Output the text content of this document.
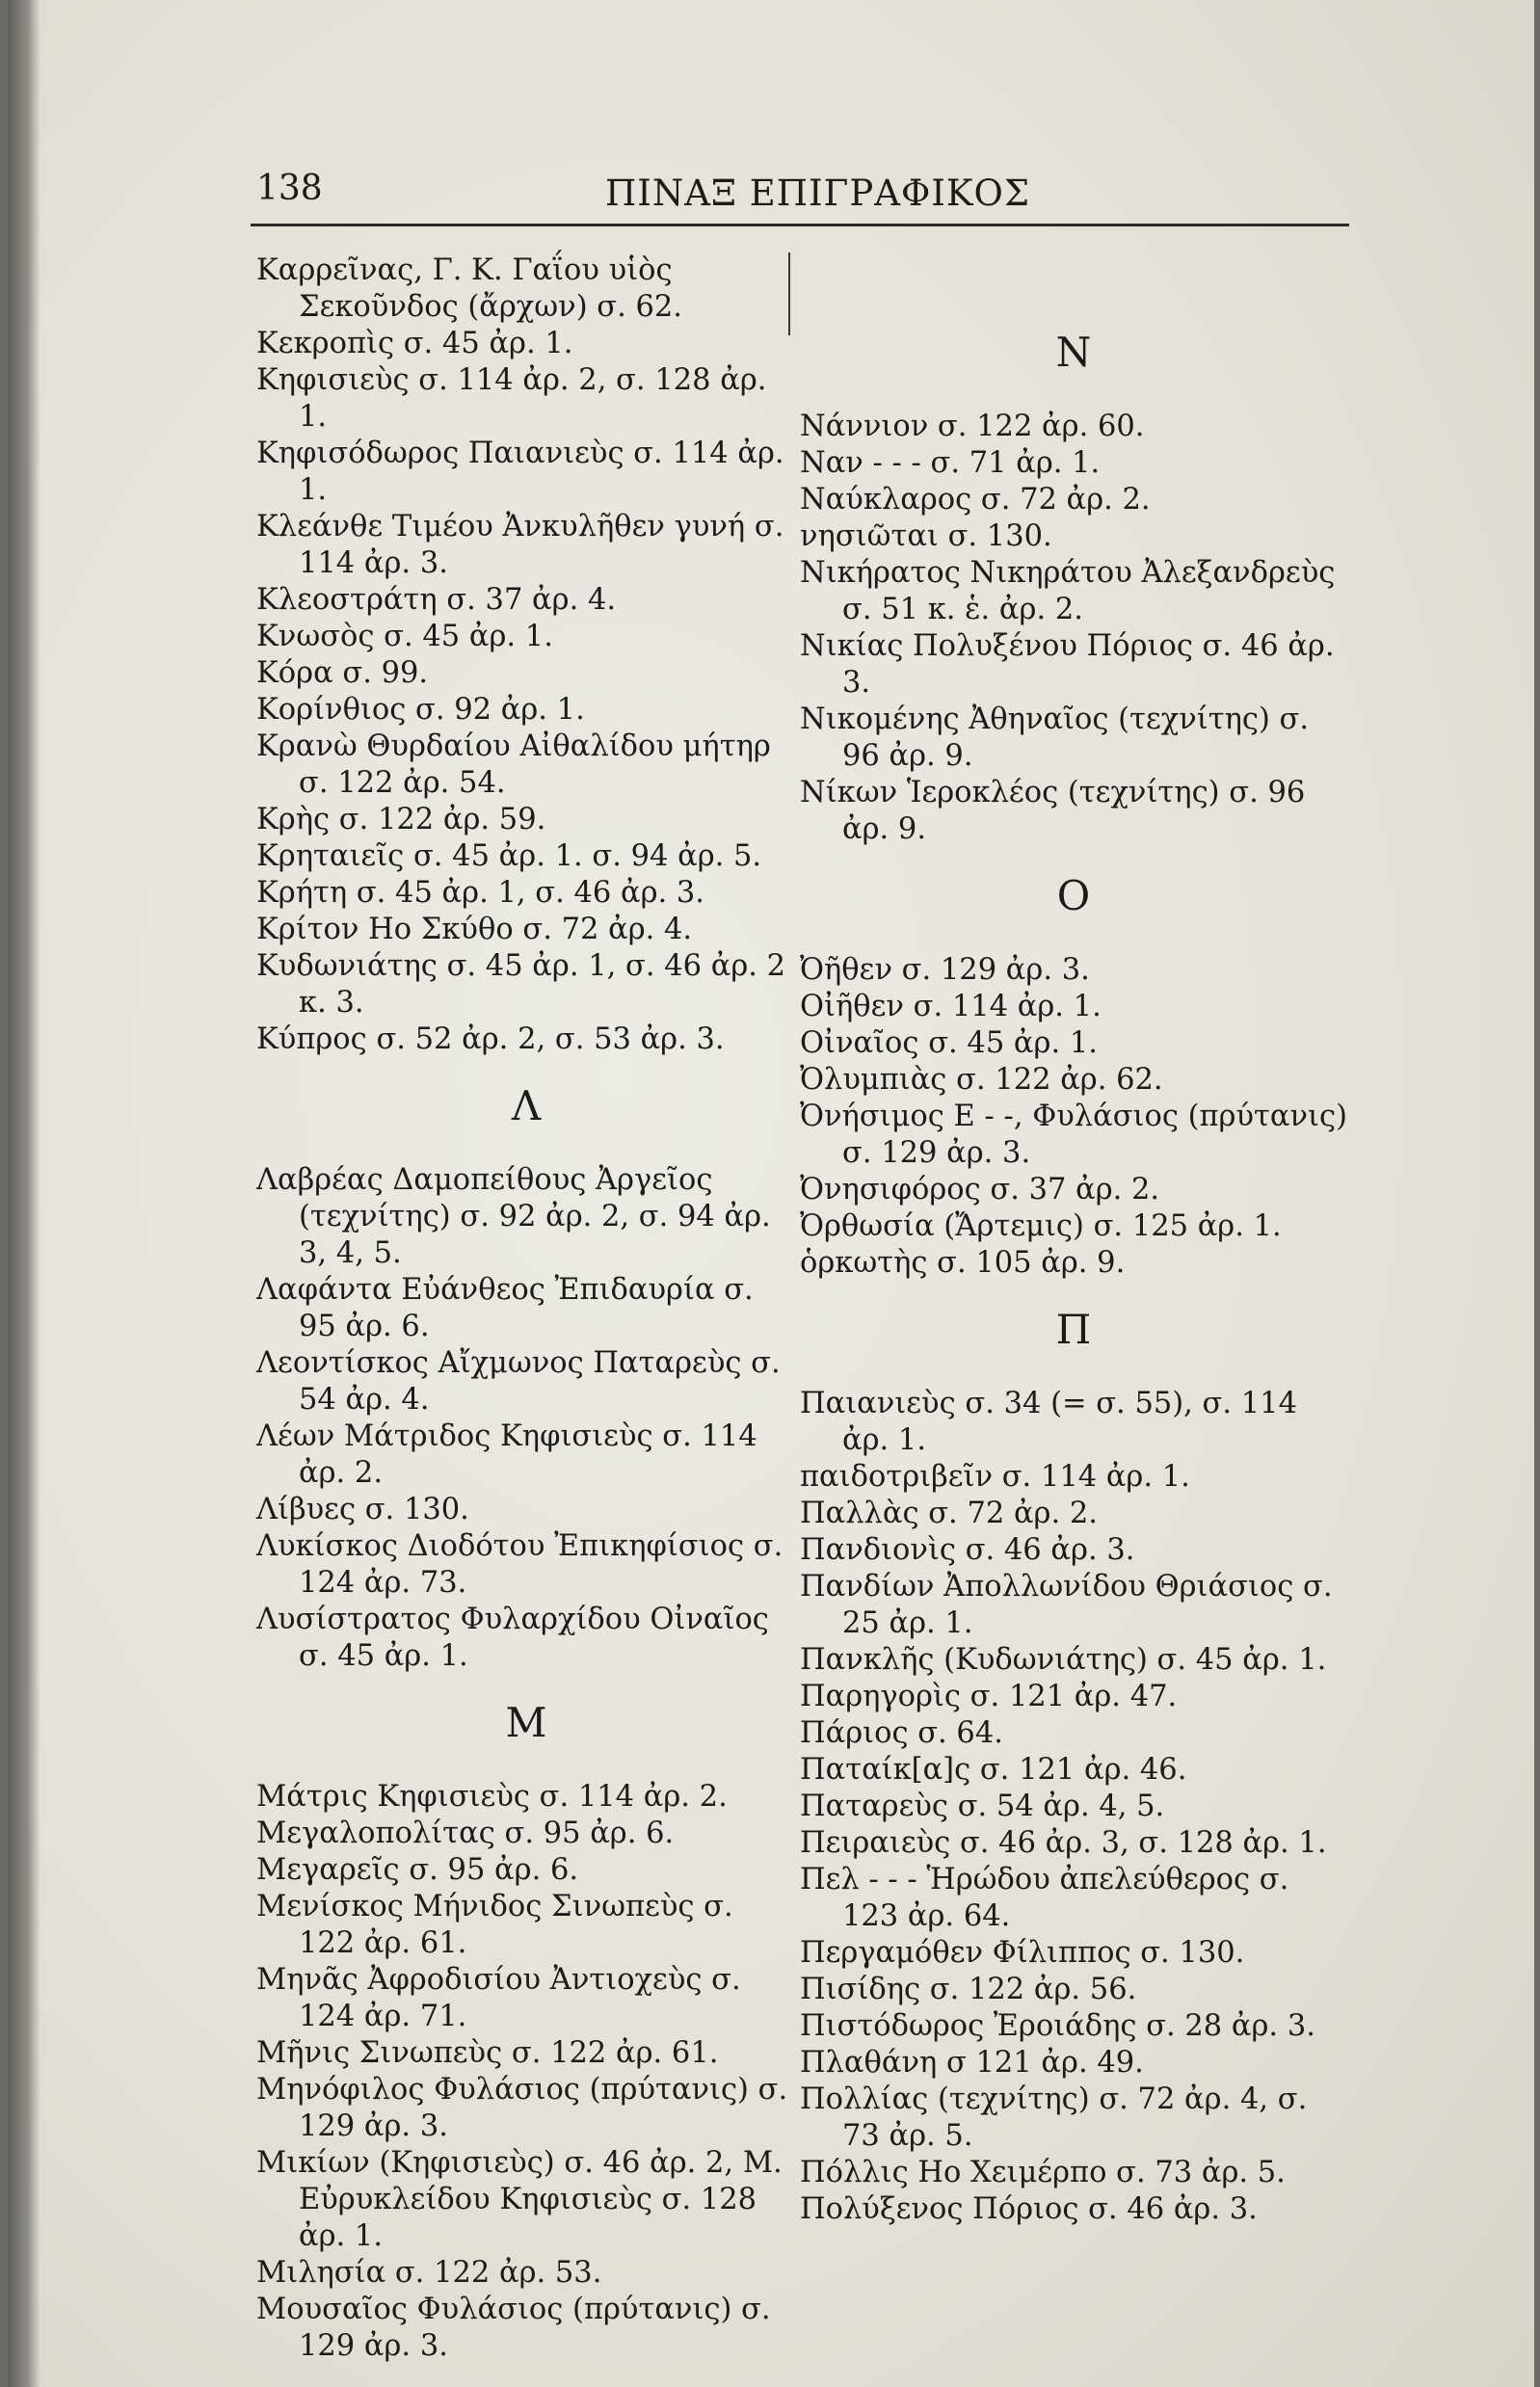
138	ΠΙΝΑΞ ΕΠΙΓΡΑΦΙΚΟΣ
Καρρεῖνας, Γ. Κ. Γαΐου υἱὸς Σεκοῦνδος (ἄρχων) σ. 62.
Κεκροπὶς σ. 45 ἀρ. 1.
Κηφισιεὺς σ. 114 ἀρ. 2, σ. 128 ἀρ. 1.
Κηφισόδωρος Παιανιεὺς σ. 114 ἀρ. 1.
Κλεάνθε Τιμέου Ἀνκυλῆθεν γυνή σ. 114 ἀρ. 3.
Κλεοστράτη σ. 37 ἀρ. 4.
Κνωσὸς σ. 45 ἀρ. 1.
Κόρα σ. 99.
Κορίνθιος σ. 92 ἀρ. 1.
Κρανὼ Θυρδαίου Αἰθαλίδου μήτηρ σ. 122 ἀρ. 54.
Κρὴς σ. 122 ἀρ. 59.
Κρηταιεῖς σ. 45 ἀρ. 1. σ. 94 ἀρ. 5.
Κρήτη σ. 45 ἀρ. 1, σ. 46 ἀρ. 3.
Κρίτον Ηο Σκύθο σ. 72 ἀρ. 4.
Κυδωνιάτης σ. 45 ἀρ. 1, σ. 46 ἀρ. 2 κ. 3.
Κύπρος σ. 52 ἀρ. 2, σ. 53 ἀρ. 3.
Λ
Λαβρέας Δαμοπείθους Ἀργεῖος (τεχνίτης) σ. 92 ἀρ. 2, σ. 94 ἀρ. 3, 4, 5.
Λαφάντα Εὐάνθεος Ἐπιδαυρία σ. 95 ἀρ. 6.
Λεοντίσκος Αἴχμωνος Παταρεὺς σ. 54 ἀρ. 4.
Λέων Μάτριδος Κηφισιεὺς σ. 114 ἀρ. 2.
Λίβυες σ. 130.
Λυκίσκος Διοδότου Ἐπικηφίσιος σ. 124 ἀρ. 73.
Λυσίστρατος Φυλαρχίδου Οἰναῖος σ. 45 ἀρ. 1.
Μ
Μάτρις Κηφισιεὺς σ. 114 ἀρ. 2.
Μεγαλοπολίτας σ. 95 ἀρ. 6.
Μεγαρεῖς σ. 95 ἀρ. 6.
Μενίσκος Μήνιδος Σινωπεὺς σ. 122 ἀρ. 61.
Μηνᾶς Ἀφροδισίου Ἀντιοχεὺς σ. 124 ἀρ. 71.
Μῆνις Σινωπεὺς σ. 122 ἀρ. 61.
Μηνόφιλος Φυλάσιος (πρύτανις) σ. 129 ἀρ. 3.
Μικίων (Κηφισιεὺς) σ. 46 ἀρ. 2, Μ. Εὐρυκλείδου Κηφισιεὺς σ. 128 ἀρ. 1.
Μιλησία σ. 122 ἀρ. 53.
Μουσαῖος Φυλάσιος (πρύτανις) σ. 129 ἀρ. 3.
Ν
Νάννιον σ. 122 ἀρ. 60.
Ναν - - - σ. 71 ἀρ. 1.
Ναύκλαρος σ. 72 ἀρ. 2.
νησιῶται σ. 130.
Νικήρατος Νικηράτου Ἀλεξανδρεὺς σ. 51 κ. ἑ. ἀρ. 2.
Νικίας Πολυξένου Πόριος σ. 46 ἀρ. 3.
Νικομένης Ἀθηναῖος (τεχνίτης) σ. 96 ἀρ. 9.
Νίκων Ἱεροκλέος (τεχνίτης) σ. 96 ἀρ. 9.
Ο
Ὀῆθεν σ. 129 ἀρ. 3.
Οἰῆθεν σ. 114 ἀρ. 1.
Οἰναῖος σ. 45 ἀρ. 1.
Ὀλυμπιὰς σ. 122 ἀρ. 62.
Ὀνήσιμος Ε - -, Φυλάσιος (πρύτανις) σ. 129 ἀρ. 3.
Ὀνησιφόρος σ. 37 ἀρ. 2.
Ὀρθωσία (Ἄρτεμις) σ. 125 ἀρ. 1.
ὁρκωτὴς σ. 105 ἀρ. 9.
Π
Παιανιεὺς σ. 34 (= σ. 55), σ. 114 ἀρ. 1.
παιδοτριβεῖν σ. 114 ἀρ. 1.
Παλλὰς σ. 72 ἀρ. 2.
Πανδιονὶς σ. 46 ἀρ. 3.
Πανδίων Ἀπολλωνίδου Θριάσιος σ. 25 ἀρ. 1.
Πανκλῆς (Κυδωνιάτης) σ. 45 ἀρ. 1.
Παρηγορὶς σ. 121 ἀρ. 47.
Πάριος σ. 64.
Παταίκ[α]ς σ. 121 ἀρ. 46.
Παταρεὺς σ. 54 ἀρ. 4, 5.
Πειραιεὺς σ. 46 ἀρ. 3, σ. 128 ἀρ. 1.
Πελ - - - Ἡρώδου ἀπελεύθερος σ. 123 ἀρ. 64.
Περγαμόθεν Φίλιππος σ. 130.
Πισίδης σ. 122 ἀρ. 56.
Πιστόδωρος Ἐροιάδης σ. 28 ἀρ. 3.
Πλαθάνη σ 121 ἀρ. 49.
Πολλίας (τεχνίτης) σ. 72 ἀρ. 4, σ. 73 ἀρ. 5.
Πόλλις Ηο Χειμέρπο σ. 73 ἀρ. 5.
Πολύξενος Πόριος σ. 46 ἀρ. 3.
